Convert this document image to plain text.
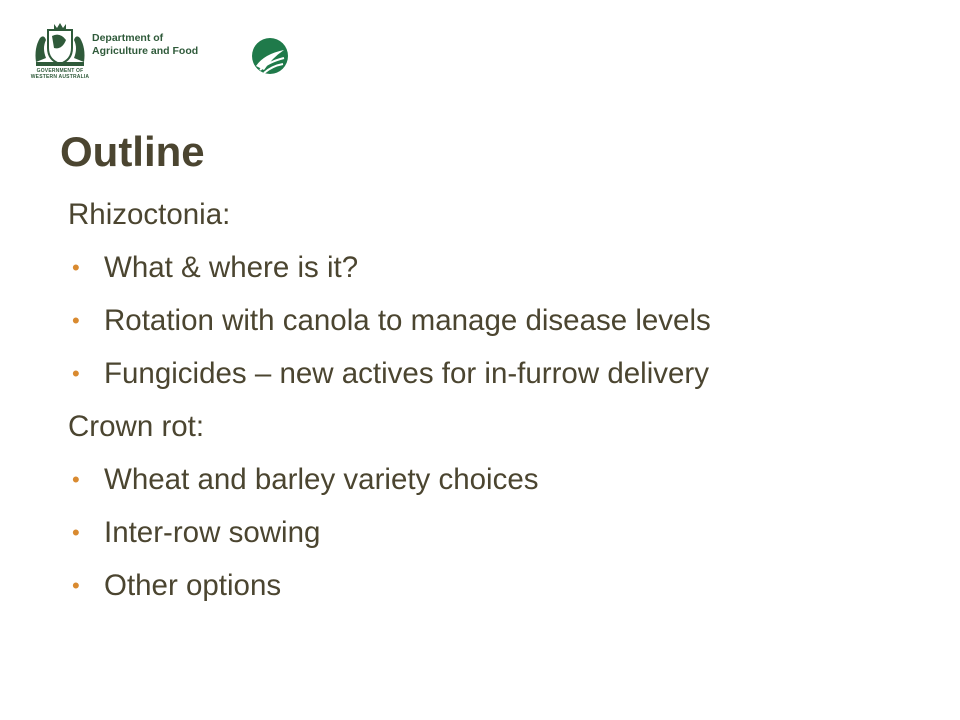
GOVERNMENT OF
WESTERN AUSTRALIA
Department of
Agriculture and Food
Outline
Rhizoctonia:
• What & where is it?
• Rotation with canola to manage disease levels
• Fungicides – new actives for in-furrow delivery
Crown rot:
• Wheat and barley variety choices
• Inter-row sowing
• Other options
